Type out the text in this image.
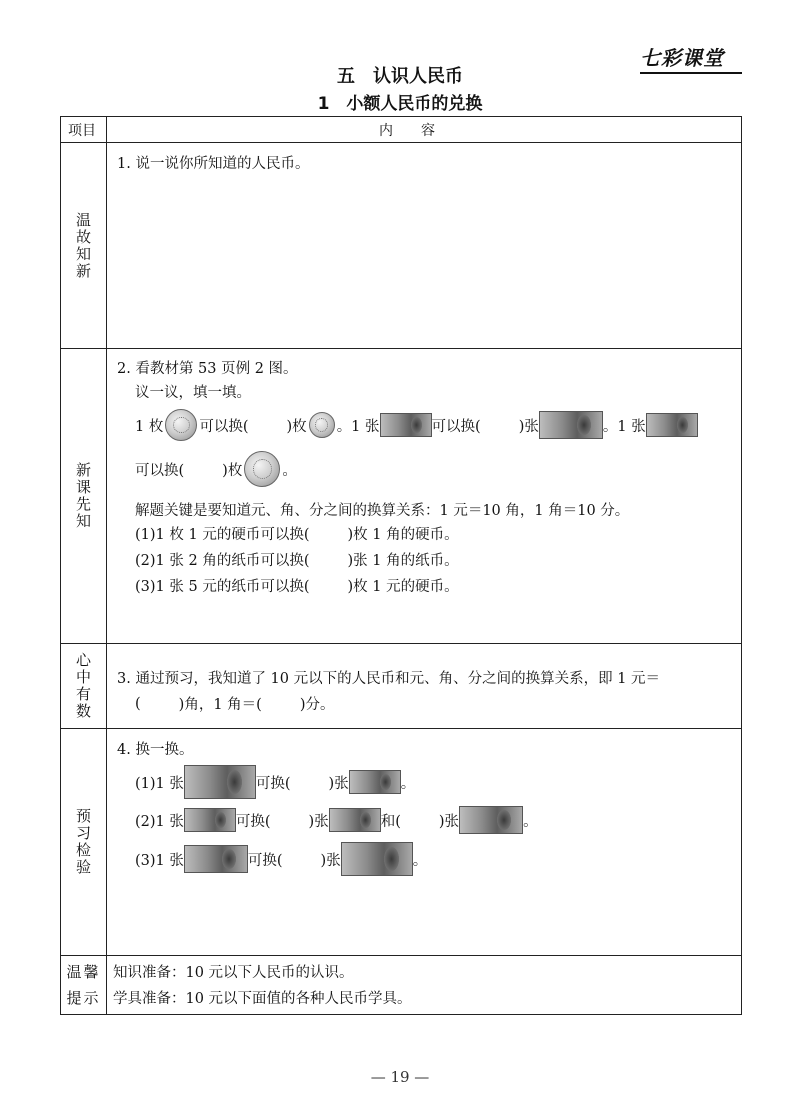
七彩课堂
五　认识人民币
1　小额人民币的兑换
项目	内　　容
温故知新
1. 说一说你所知道的人民币。
新课先知
2. 看教材第 53 页例 2 图。
议一议，填一填。
1 枚 可以换(	)枚 。1 张	可以换(	)张	。1 张
可以换(	)枚	。
解题关键是要知道元、角、分之间的换算关系：1 元＝10 角，1 角＝10 分。
(1)1 枚 1 元的硬币可以换(	)枚 1 角的硬币。
(2)1 张 2 角的纸币可以换(	)张 1 角的纸币。
(3)1 张 5 元的纸币可以换(	)枚 1 元的硬币。
心中有数 3. 通过预习，我知道了 10 元以下的人民币和元、角、分之间的换算关系，即 1 元＝
(	)角，1 角＝(	)分。
预习检验
4. 换一换。
(1)1 张	可换(	)张	。
(2)1 张	可换(	)张	和(	)张	。
(3)1 张	可换(	)张	。
温馨
提示
知识准备：10 元以下人民币的认识。
学具准备：10 元以下面值的各种人民币学具。
— 19 —
